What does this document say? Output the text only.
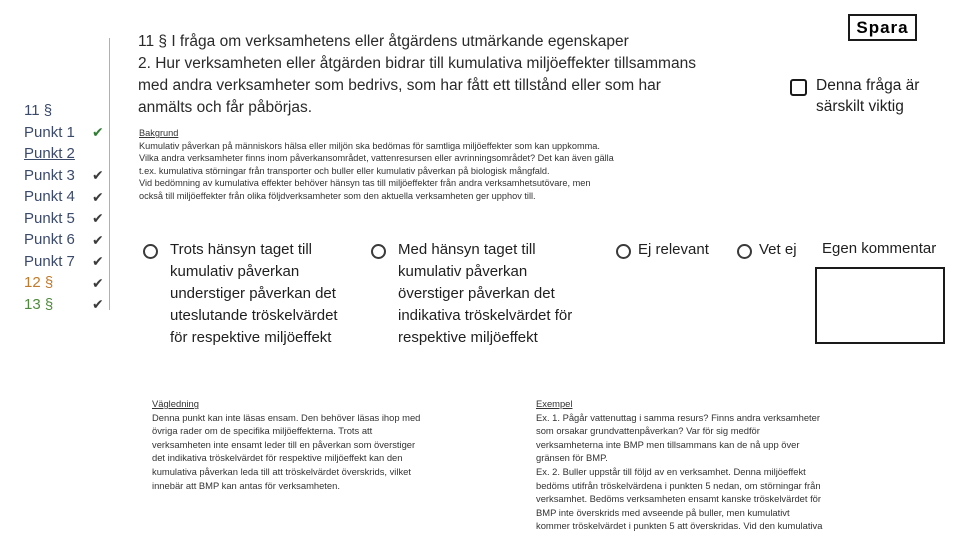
11 §
Punkt 1	✔
Punkt 2
Punkt 3	✔
Punkt 4	✔
Punkt 5	✔
Punkt 6	✔
Punkt 7	✔
12 §	✔
13 §	✔
11 § I fråga om verksamhetens eller åtgärdens utmärkande egenskaper
2. Hur verksamheten eller åtgärden bidrar till kumulativa miljöeffekter tillsammans med andra verksamheter som bedrivs, som har fått ett tillstånd eller som har anmälts och får påbörjas.
Spara
Denna fråga är särskilt viktig
Bakgrund
Kumulativ påverkan på människors hälsa eller miljön ska bedömas för samtliga miljöeffekter som kan uppkomma.
Vilka andra verksamheter finns inom påverkansområdet, vattenresursen eller avrinningsområdet? Det kan även gälla
t.ex. kumulativa störningar från transporter och buller eller kumulativ påverkan på biologisk mångfald.
Vid bedömning av kumulativa effekter behöver hänsyn tas till miljöeffekter från andra verksamhetsutövare, men
också till miljöeffekter från olika följdverksamheter som den aktuella verksamheten ger upphov till.
Trots hänsyn taget till kumulativ påverkan understiger påverkan det uteslutande tröskelvärdet för respektive miljöeffekt
Med hänsyn taget till kumulativ påverkan överstiger påverkan det indikativa tröskelvärdet för respektive miljöeffekt
Ej relevant	Vet ej Egen kommentar
Vägledning
Denna punkt kan inte läsas ensam. Den behöver läsas ihop med
övriga rader om de specifika miljöeffekterna. Trots att
verksamheten inte ensamt leder till en påverkan som överstiger
det indikativa tröskelvärdet för respektive miljöeffekt kan den
kumulativa påverkan leda till att tröskelvärdet överskrids, vilket
innebär att BMP kan antas för verksamheten.
Exempel
Ex. 1. Pågår vattenuttag i samma resurs? Finns andra verksamheter
som orsakar grundvattenpåverkan? Var för sig medför
verksamheterna inte BMP men tillsammans kan de nå upp över
gränsen för BMP.
Ex. 2. Buller uppstår till följd av en verksamhet. Denna miljöeffekt
bedöms utifrån tröskelvärdena i punkten 5 nedan, om störningar från
verksamhet. Bedöms verksamheten ensamt kanske tröskelvärdet för
BMP inte överskrids med avseende på buller, men kumulativt
kommer tröskelvärdet i punkten 5 att överskridas. Vid den kumulativa
